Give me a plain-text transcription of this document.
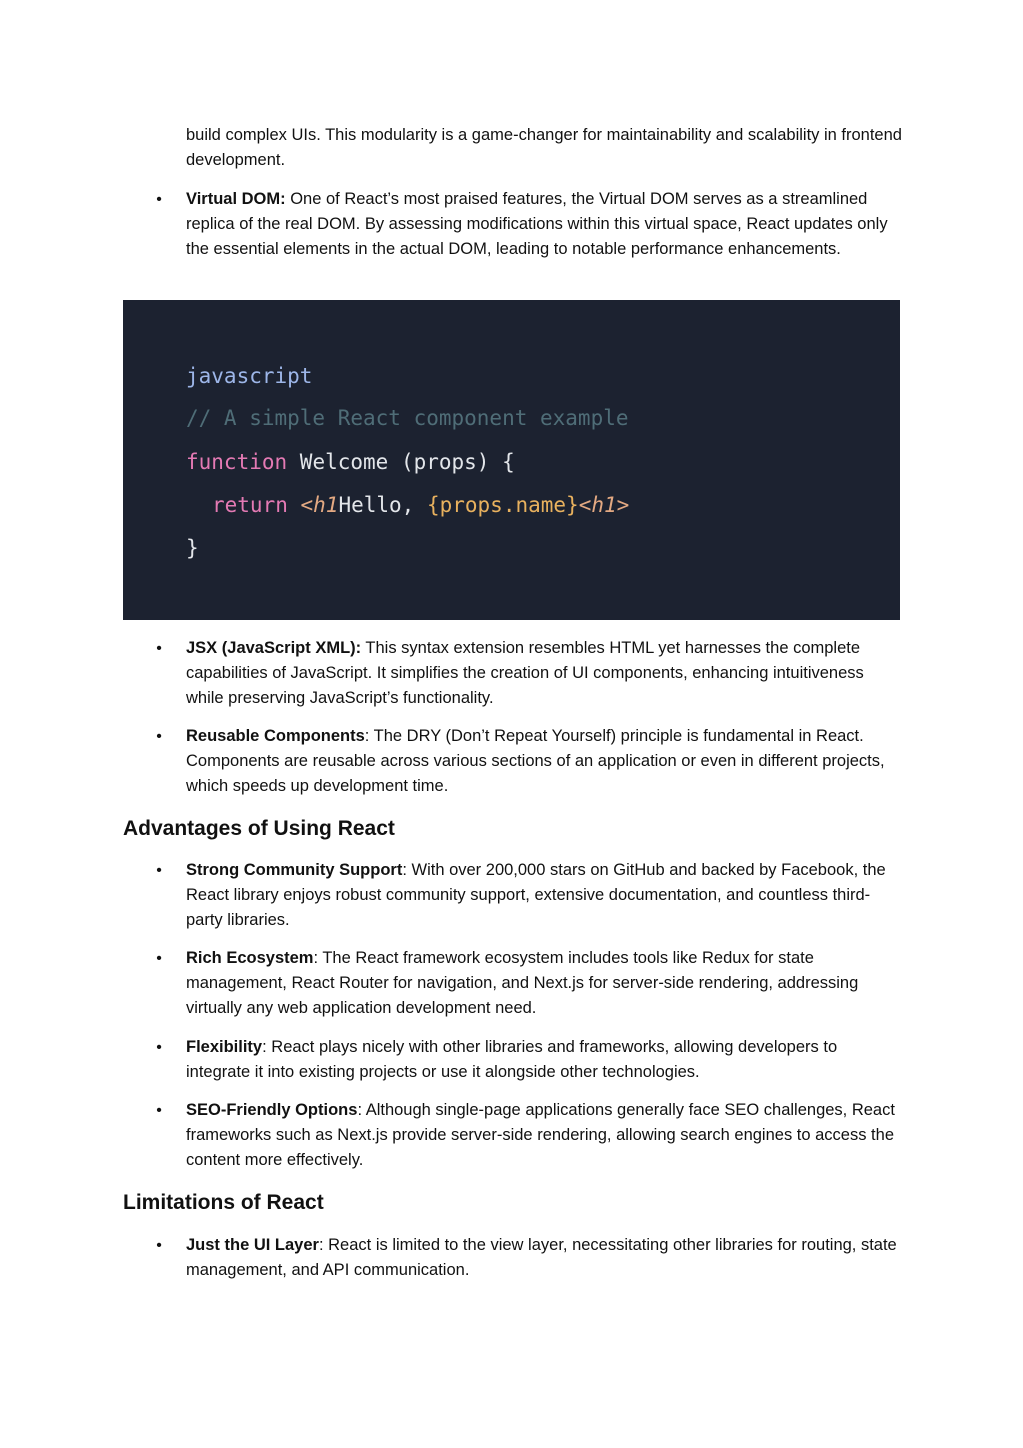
build complex UIs. This modularity is a game-changer for maintainability and scalability in frontend development.

•	Virtual DOM: One of React’s most praised features, the Virtual DOM serves as a streamlined replica of the real DOM. By assessing modifications within this virtual space, React updates only the essential elements in the actual DOM, leading to notable performance enhancements.

javascript
// A simple React component example
function Welcome (props) {
return <h1Hello, {props.name}<h1>
}
•	JSX (JavaScript XML): This syntax extension resembles HTML yet harnesses the complete capabilities of JavaScript. It simplifies the creation of UI components, enhancing intuitiveness while preserving JavaScript’s functionality.

•	Reusable Components: The DRY (Don’t Repeat Yourself) principle is fundamental in React. Components are reusable across various sections of an application or even in different projects, which speeds up development time.

Advantages of Using React
•	Strong Community Support: With over 200,000 stars on GitHub and backed by Facebook, the React library enjoys robust community support, extensive documentation, and countless third-party libraries.

•	Rich Ecosystem: The React framework ecosystem includes tools like Redux for state management, React Router for navigation, and Next.js for server-side rendering, addressing virtually any web application development need.

•	Flexibility: React plays nicely with other libraries and frameworks, allowing developers to integrate it into existing projects or use it alongside other technologies.

•	SEO-Friendly Options: Although single-page applications generally face SEO challenges, React frameworks such as Next.js provide server-side rendering, allowing search engines to access the content more effectively.

Limitations of React
•	Just the UI Layer: React is limited to the view layer, necessitating other libraries for routing, state management, and API communication.
